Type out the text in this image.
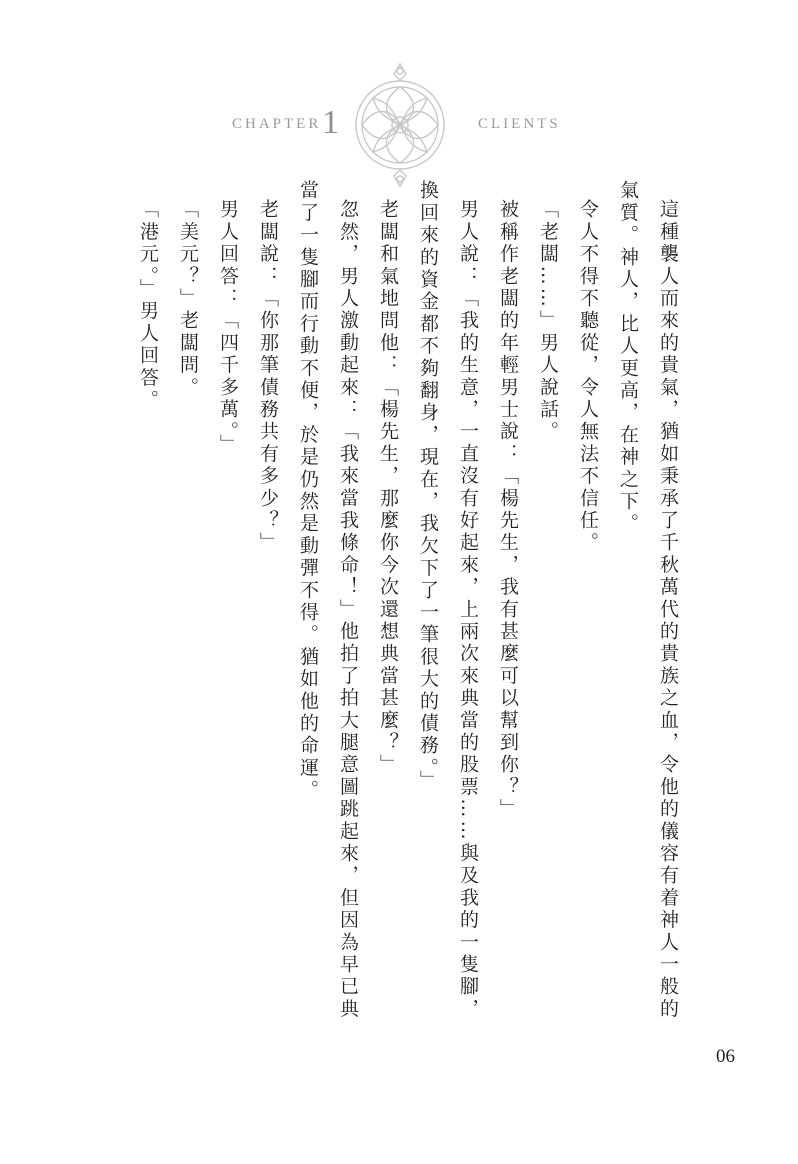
CHAPTER 1	CLIENTS

這種襲人而來的貴氣，猶如秉承了千秋萬代的貴族之血，令他的儀容有着神人一般的氣質。神人，比人更高，在神之下。

令人不得不聽從，令人無法不信任。

「老闆……」男人說話。

被稱作老闆的年輕男士說：「楊先生，我有甚麼可以幫到你？」

男人說：「我的生意，一直沒有好起來，上兩次來典當的股票……與及我的一隻腳，換回來的資金都不夠翻身，現在，我欠下了一筆很大的債務。」

老闆和氣地問他：「楊先生，那麼你今次還想典當甚麼？」

忽然，男人激動起來：「我來當我條命！」他拍了拍大腿意圖跳起來，但因為早已典當了一隻腳而行動不便，於是仍然是動彈不得。猶如他的命運。

老闆說：「你那筆債務共有多少？」

男人回答：「四千多萬。」

「美元？」老闆問。

「港元。」男人回答。

06
